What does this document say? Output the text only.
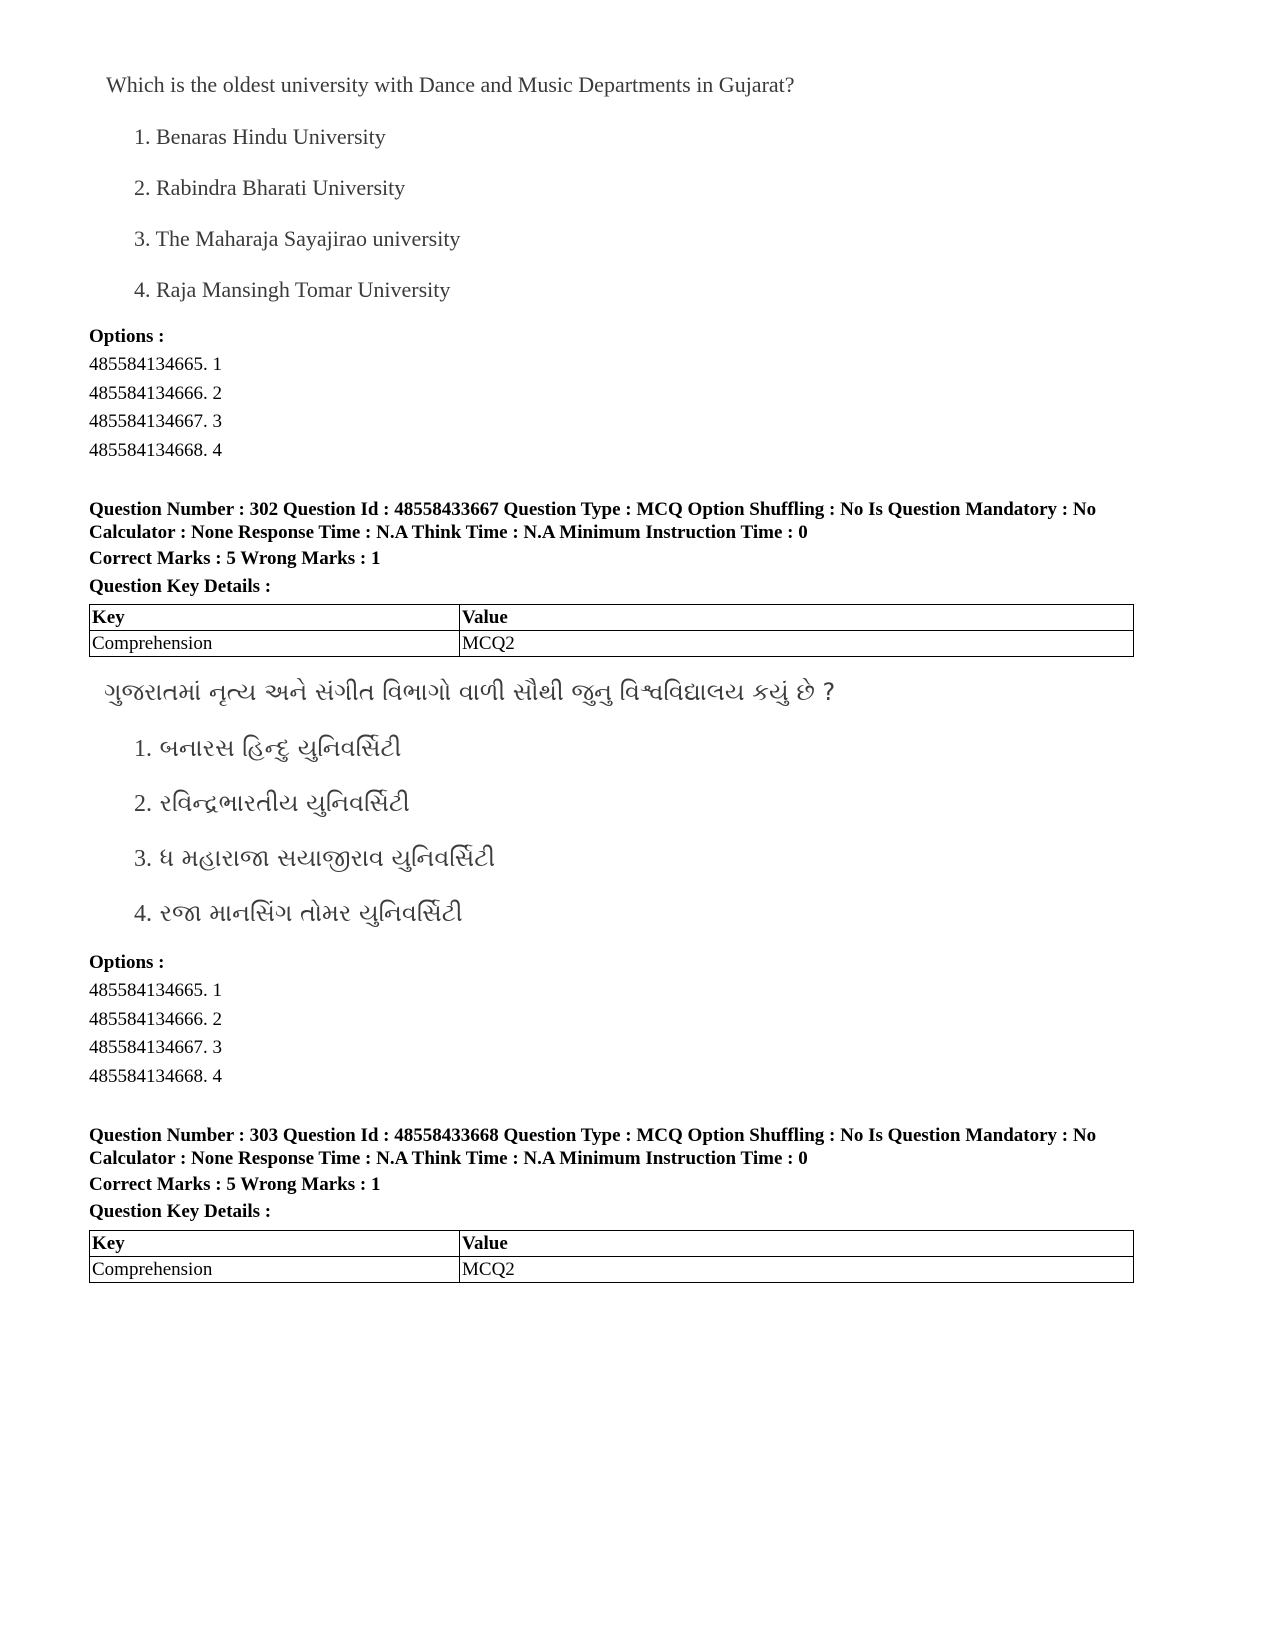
Which is the oldest university with Dance and Music Departments in Gujarat?
1. Benaras Hindu University
2. Rabindra Bharati University
3. The Maharaja Sayajirao university
4. Raja Mansingh Tomar University
Options :
485584134665. 1
485584134666. 2
485584134667. 3
485584134668. 4
Question Number : 302 Question Id : 48558433667 Question Type : MCQ Option Shuffling : No Is Question Mandatory : No Calculator : None Response Time : N.A Think Time : N.A Minimum Instruction Time : 0
Correct Marks : 5 Wrong Marks : 1
Question Key Details :
Key	Value
Comprehension	MCQ2
ગુજરાતમાં નૃત્ય અને સંગીત વિભાગો વાળી સૌથી જુનુ વિશ્વવિદ્યાલય કયું છે ?
1. બનારસ હિન્દુ યુનિવર્સિટી
2. રવિન્દ્રભારતીય યુનિવર્સિટી
3. ધ મહારાજા સયાજીરાવ યુનિવર્સિટી
4. રજા માનસિંગ તોમર યુનિવર્સિટી
Options :
485584134665. 1
485584134666. 2
485584134667. 3
485584134668. 4
Question Number : 303 Question Id : 48558433668 Question Type : MCQ Option Shuffling : No Is Question Mandatory : No Calculator : None Response Time : N.A Think Time : N.A Minimum Instruction Time : 0
Correct Marks : 5 Wrong Marks : 1
Question Key Details :
Key	Value
Comprehension	MCQ2
